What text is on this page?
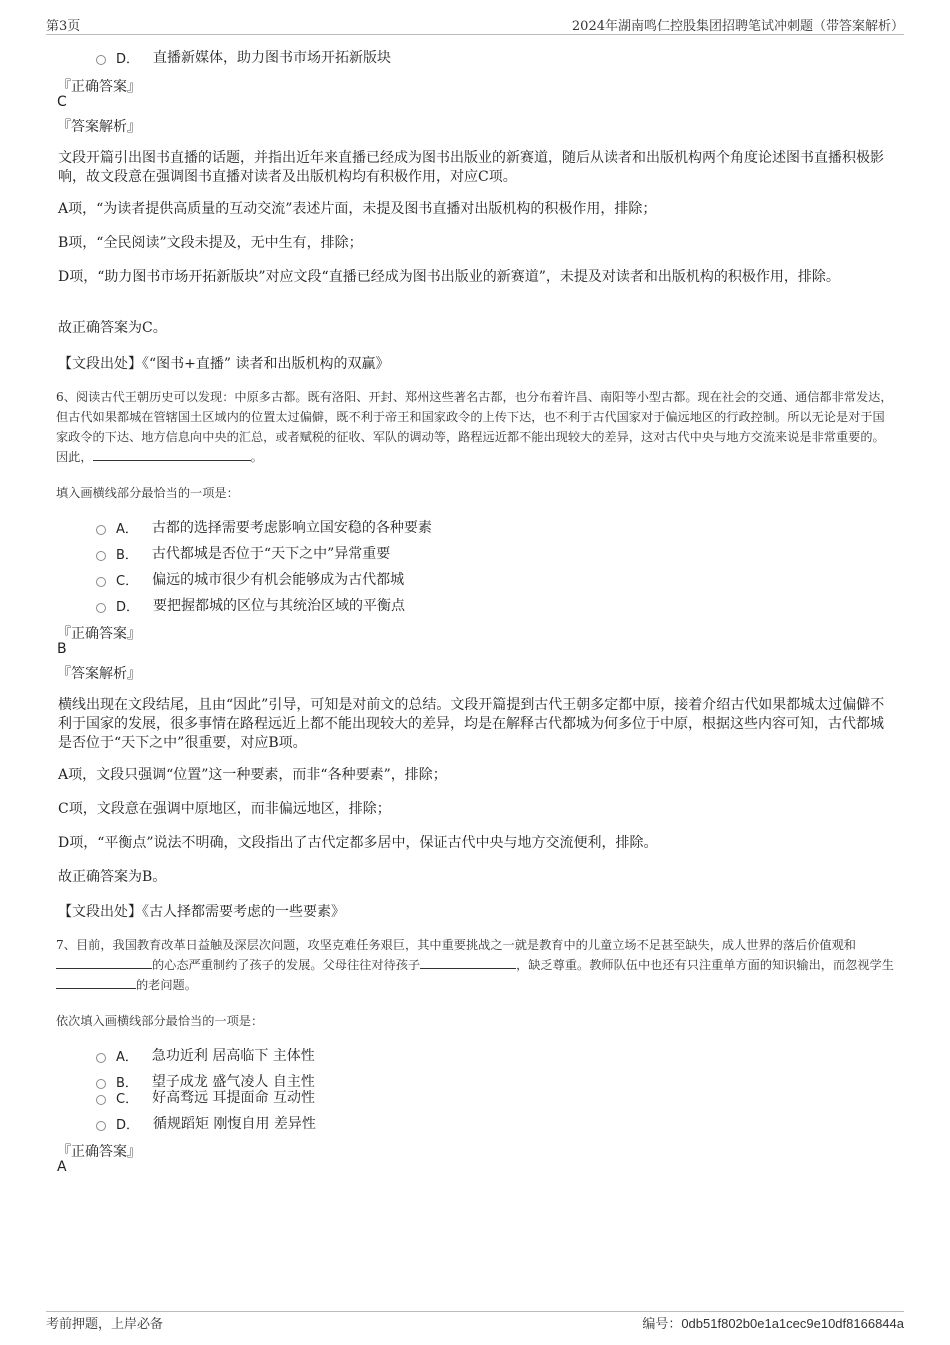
第3页	2024年湖南鸣仁控股集团招聘笔试冲刺题（带答案解析）
D． 直播新媒体，助力图书市场开拓新版块
『正确答案』
C
『答案解析』
文段开篇引出图书直播的话题，并指出近年来直播已经成为图书出版业的新赛道，随后从读者和出版机构两个角度论述图书直播积极影响，故文段意在强调图书直播对读者及出版机构均有积极作用，对应C项。
A项，“为读者提供高质量的互动交流”表述片面，未提及图书直播对出版机构的积极作用，排除；
B项，“全民阅读”文段未提及，无中生有，排除；
D项，“助力图书市场开拓新版块”对应文段“直播已经成为图书出版业的新赛道”，未提及对读者和出版机构的积极作用，排除。
故正确答案为C。
【文段出处】《“图书+直播” 读者和出版机构的双赢》
6、阅读古代王朝历史可以发现：中原多古都。既有洛阳、开封、郑州这些著名古都，也分布着许昌、南阳等小型古都。现在社会的交通、通信都非常发达，但古代如果都城在管辖国土区域内的位置太过偏僻，既不利于帝王和国家政令的上传下达，也不利于古代国家对于偏远地区的行政控制。所以无论是对于国家政令的下达、地方信息向中央的汇总，或者赋税的征收、军队的调动等，路程远近都不能出现较大的差异，这对古代中央与地方交流来说是非常重要的。因此，	。
填入画横线部分最恰当的一项是：
A． 古都的选择需要考虑影响立国安稳的各种要素
B． 古代都城是否位于“天下之中”异常重要
C． 偏远的城市很少有机会能够成为古代都城
D． 要把握都城的区位与其统治区域的平衡点
『正确答案』
B
『答案解析』
横线出现在文段结尾，且由“因此”引导，可知是对前文的总结。文段开篇提到古代王朝多定都中原，接着介绍古代如果都城太过偏僻不利于国家的发展，很多事情在路程远近上都不能出现较大的差异，均是在解释古代都城为何多位于中原，根据这些内容可知，古代都城是否位于“天下之中”很重要，对应B项。
A项，文段只强调“位置”这一种要素，而非“各种要素”，排除；
C项，文段意在强调中原地区，而非偏远地区，排除；
D项，“平衡点”说法不明确，文段指出了古代定都多居中，保证古代中央与地方交流便利，排除。
故正确答案为B。
【文段出处】《古人择都需要考虑的一些要素》
7、目前，我国教育改革日益触及深层次问题，攻坚克难任务艰巨，其中重要挑战之一就是教育中的儿童立场不足甚至缺失，成人世界的落后价值观和的心态严重制约了孩子的发展。父母往往对待孩子	，缺乏尊重。教师队伍中也还有只注重单方面的知识输出，而忽视学生的老问题。
依次填入画横线部分最恰当的一项是：
A． 急功近利 居高临下 主体性
B． 望子成龙 盛气凌人 自主性
C． 好高骛远 耳提面命 互动性
D． 循规蹈矩 刚愎自用 差异性
『正确答案』
A
考前押题，上岸必备	编号：0db51f802b0e1a1cec9e10df8166844a
